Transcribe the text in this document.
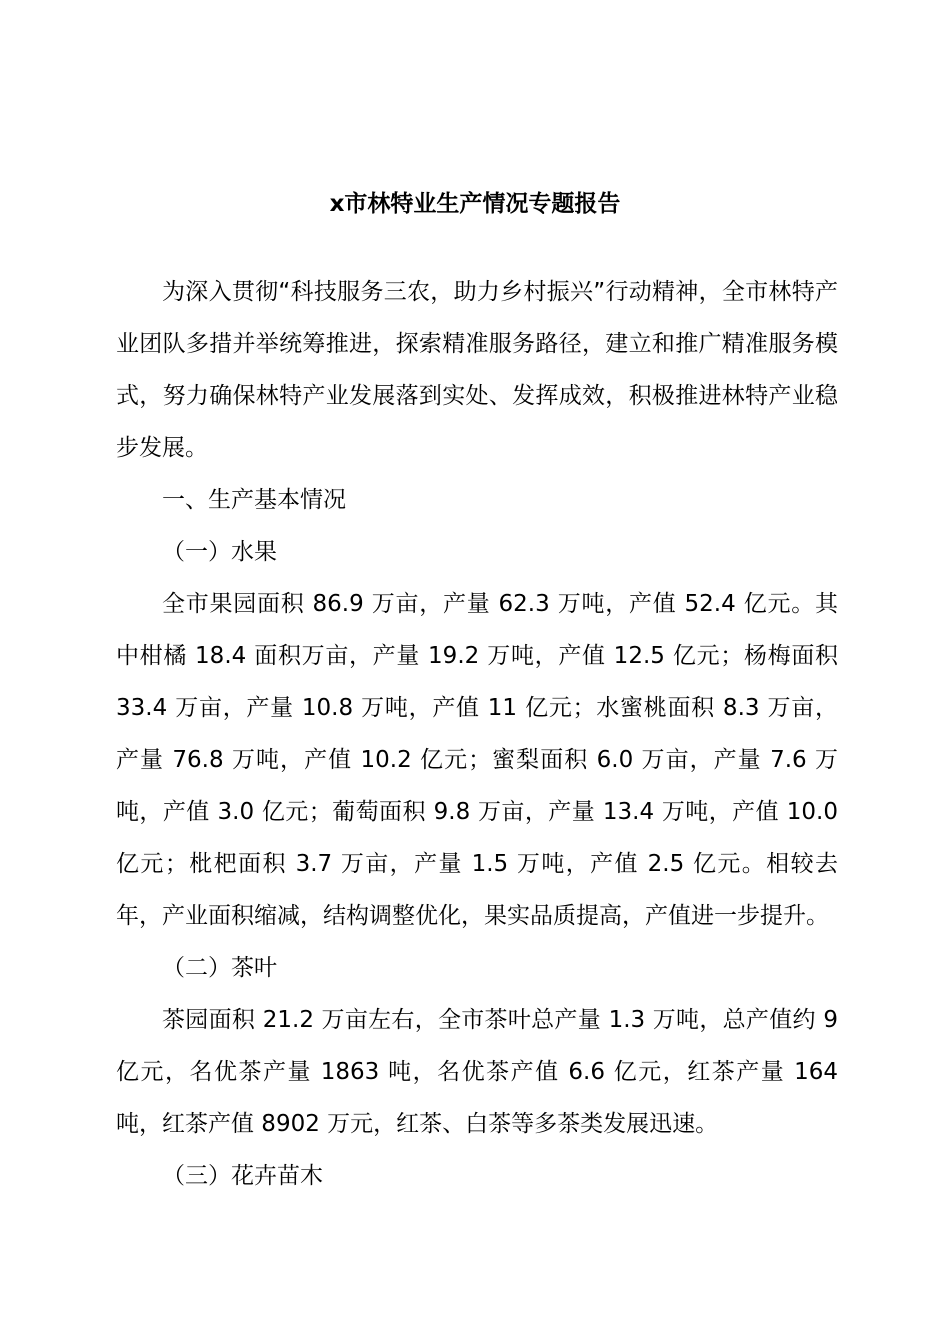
x市林特业生产情况专题报告

为深入贯彻“科技服务三农，助力乡村振兴”行动精神，全市林特产业团队多措并举统筹推进，探索精准服务路径，建立和推广精准服务模式，努力确保林特产业发展落到实处、发挥成效，积极推进林特产业稳步发展。

一、生产基本情况

（一）水果

全市果园面积 86.9 万亩，产量 62.3 万吨，产值 52.4 亿元。其中柑橘 18.4 面积万亩，产量 19.2 万吨，产值 12.5 亿元；杨梅面积 33.4 万亩，产量 10.8 万吨，产值 11 亿元；水蜜桃面积 8.3 万亩，产量 76.8 万吨，产值 10.2 亿元；蜜梨面积 6.0 万亩，产量 7.6 万吨，产值 3.0 亿元；葡萄面积 9.8 万亩，产量 13.4 万吨，产值 10.0 亿元；枇杷面积 3.7 万亩，产量 1.5 万吨，产值 2.5 亿元。相较去年，产业面积缩减，结构调整优化，果实品质提高，产值进一步提升。

（二）茶叶

茶园面积 21.2 万亩左右，全市茶叶总产量 1.3 万吨，总产值约 9 亿元，名优茶产量 1863 吨，名优茶产值 6.6 亿元，红茶产量 164 吨，红茶产值 8902 万元，红茶、白茶等多茶类发展迅速。

（三）花卉苗木
